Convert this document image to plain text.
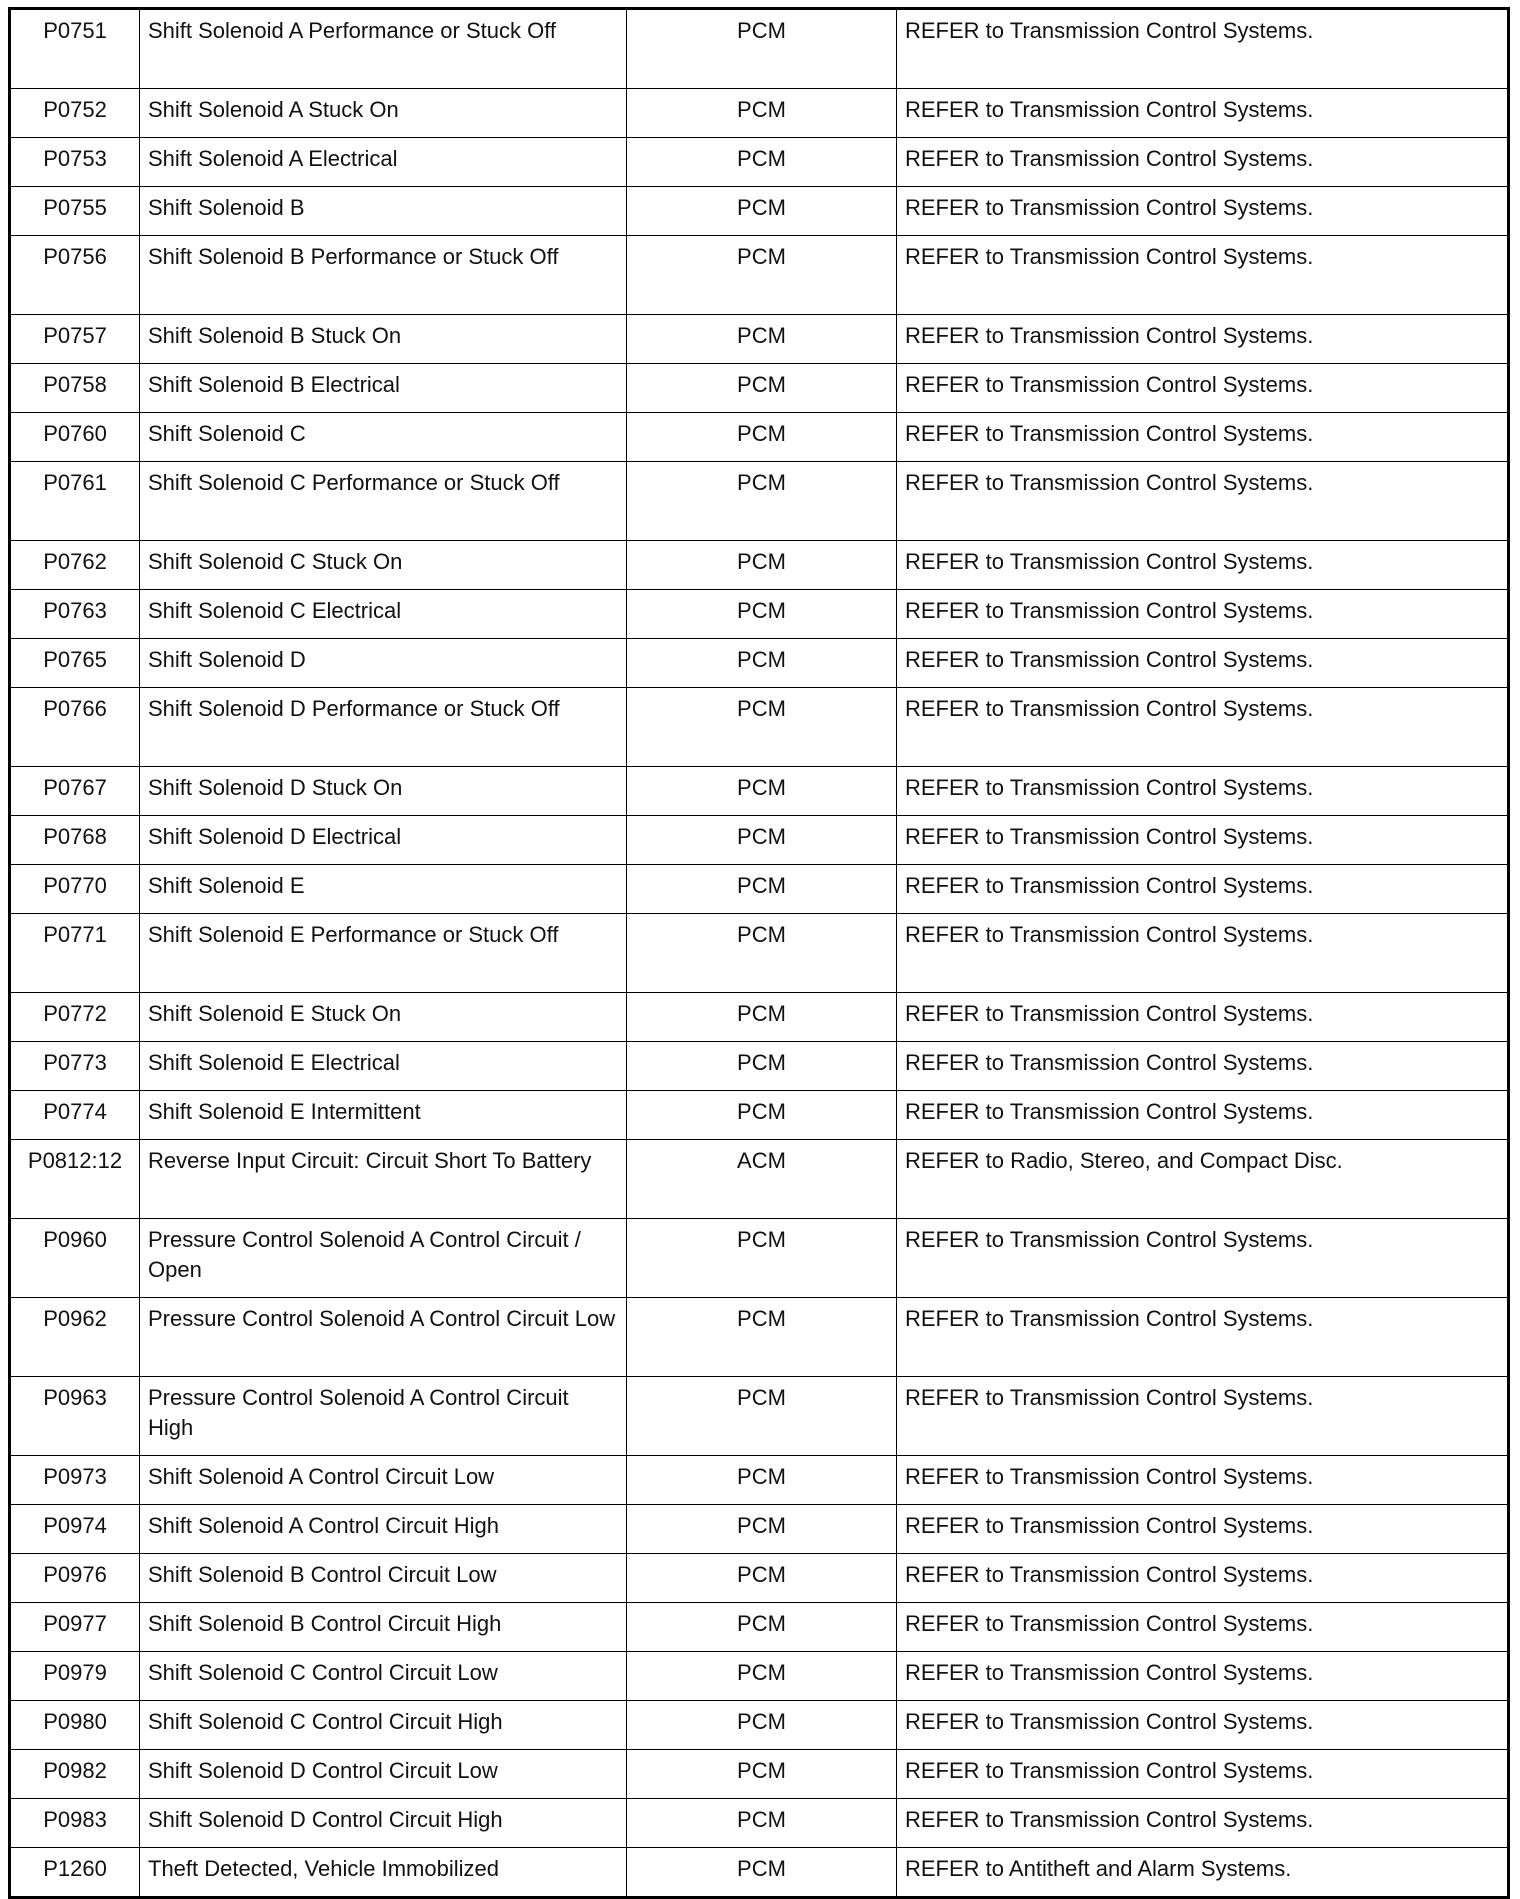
P0751	Shift Solenoid A Performance or Stuck Off	PCM	REFER to Transmission Control Systems.
P0752	Shift Solenoid A Stuck On	PCM	REFER to Transmission Control Systems.
P0753	Shift Solenoid A Electrical	PCM	REFER to Transmission Control Systems.
P0755	Shift Solenoid B	PCM	REFER to Transmission Control Systems.
P0756	Shift Solenoid B Performance or Stuck Off	PCM	REFER to Transmission Control Systems.
P0757	Shift Solenoid B Stuck On	PCM	REFER to Transmission Control Systems.
P0758	Shift Solenoid B Electrical	PCM	REFER to Transmission Control Systems.
P0760	Shift Solenoid C	PCM	REFER to Transmission Control Systems.
P0761	Shift Solenoid C Performance or Stuck Off	PCM	REFER to Transmission Control Systems.
P0762	Shift Solenoid C Stuck On	PCM	REFER to Transmission Control Systems.
P0763	Shift Solenoid C Electrical	PCM	REFER to Transmission Control Systems.
P0765	Shift Solenoid D	PCM	REFER to Transmission Control Systems.
P0766	Shift Solenoid D Performance or Stuck Off	PCM	REFER to Transmission Control Systems.
P0767	Shift Solenoid D Stuck On	PCM	REFER to Transmission Control Systems.
P0768	Shift Solenoid D Electrical	PCM	REFER to Transmission Control Systems.
P0770	Shift Solenoid E	PCM	REFER to Transmission Control Systems.
P0771	Shift Solenoid E Performance or Stuck Off	PCM	REFER to Transmission Control Systems.
P0772	Shift Solenoid E Stuck On	PCM	REFER to Transmission Control Systems.
P0773	Shift Solenoid E Electrical	PCM	REFER to Transmission Control Systems.
P0774	Shift Solenoid E Intermittent	PCM	REFER to Transmission Control Systems.
P0812:12	Reverse Input Circuit: Circuit Short To Battery	ACM	REFER to Radio, Stereo, and Compact Disc.
P0960	Pressure Control Solenoid A Control Circuit / Open	PCM	REFER to Transmission Control Systems.
P0962	Pressure Control Solenoid A Control Circuit Low	PCM	REFER to Transmission Control Systems.
P0963	Pressure Control Solenoid A Control Circuit High	PCM	REFER to Transmission Control Systems.
P0973	Shift Solenoid A Control Circuit Low	PCM	REFER to Transmission Control Systems.
P0974	Shift Solenoid A Control Circuit High	PCM	REFER to Transmission Control Systems.
P0976	Shift Solenoid B Control Circuit Low	PCM	REFER to Transmission Control Systems.
P0977	Shift Solenoid B Control Circuit High	PCM	REFER to Transmission Control Systems.
P0979	Shift Solenoid C Control Circuit Low	PCM	REFER to Transmission Control Systems.
P0980	Shift Solenoid C Control Circuit High	PCM	REFER to Transmission Control Systems.
P0982	Shift Solenoid D Control Circuit Low	PCM	REFER to Transmission Control Systems.
P0983	Shift Solenoid D Control Circuit High	PCM	REFER to Transmission Control Systems.
P1260	Theft Detected, Vehicle Immobilized	PCM	REFER to Antitheft and Alarm Systems.
